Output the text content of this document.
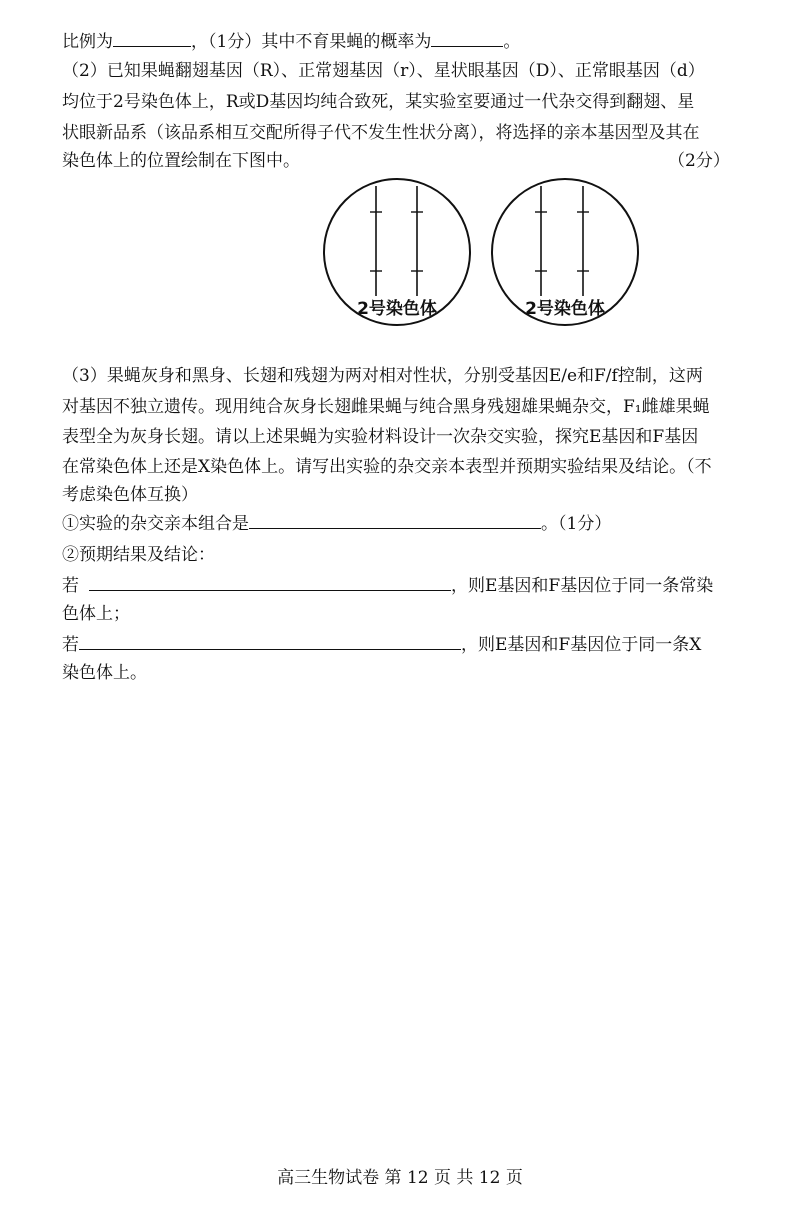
比例为	，（1分）其中不育果蝇的概率为	。
（2）已知果蝇翻翅基因（R）、正常翅基因（r）、星状眼基因（D）、正常眼基因（d）
均位于2号染色体上，R或D基因均纯合致死，某实验室要通过一代杂交得到翻翅、星
状眼新品系（该品系相互交配所得子代不发生性状分离），将选择的亲本基因型及其在
染色体上的位置绘制在下图中。	（2分）
2号染色体	2号染色体
（3）果蝇灰身和黑身、长翅和残翅为两对相对性状，分别受基因E/e和F/f控制，这两
对基因不独立遗传。现用纯合灰身长翅雌果蝇与纯合黑身残翅雄果蝇杂交，F₁雌雄果蝇
表型全为灰身长翅。请以上述果蝇为实验材料设计一次杂交实验，探究E基因和F基因
在常染色体上还是X染色体上。请写出实验的杂交亲本表型并预期实验结果及结论。（不
考虑染色体互换）
①实验的杂交亲本组合是	。（1分）
②预期结果及结论：
若	，则E基因和F基因位于同一条常染
色体上；
若	，则E基因和F基因位于同一条X
染色体上。
高三生物试卷 第 12 页 共 12 页
